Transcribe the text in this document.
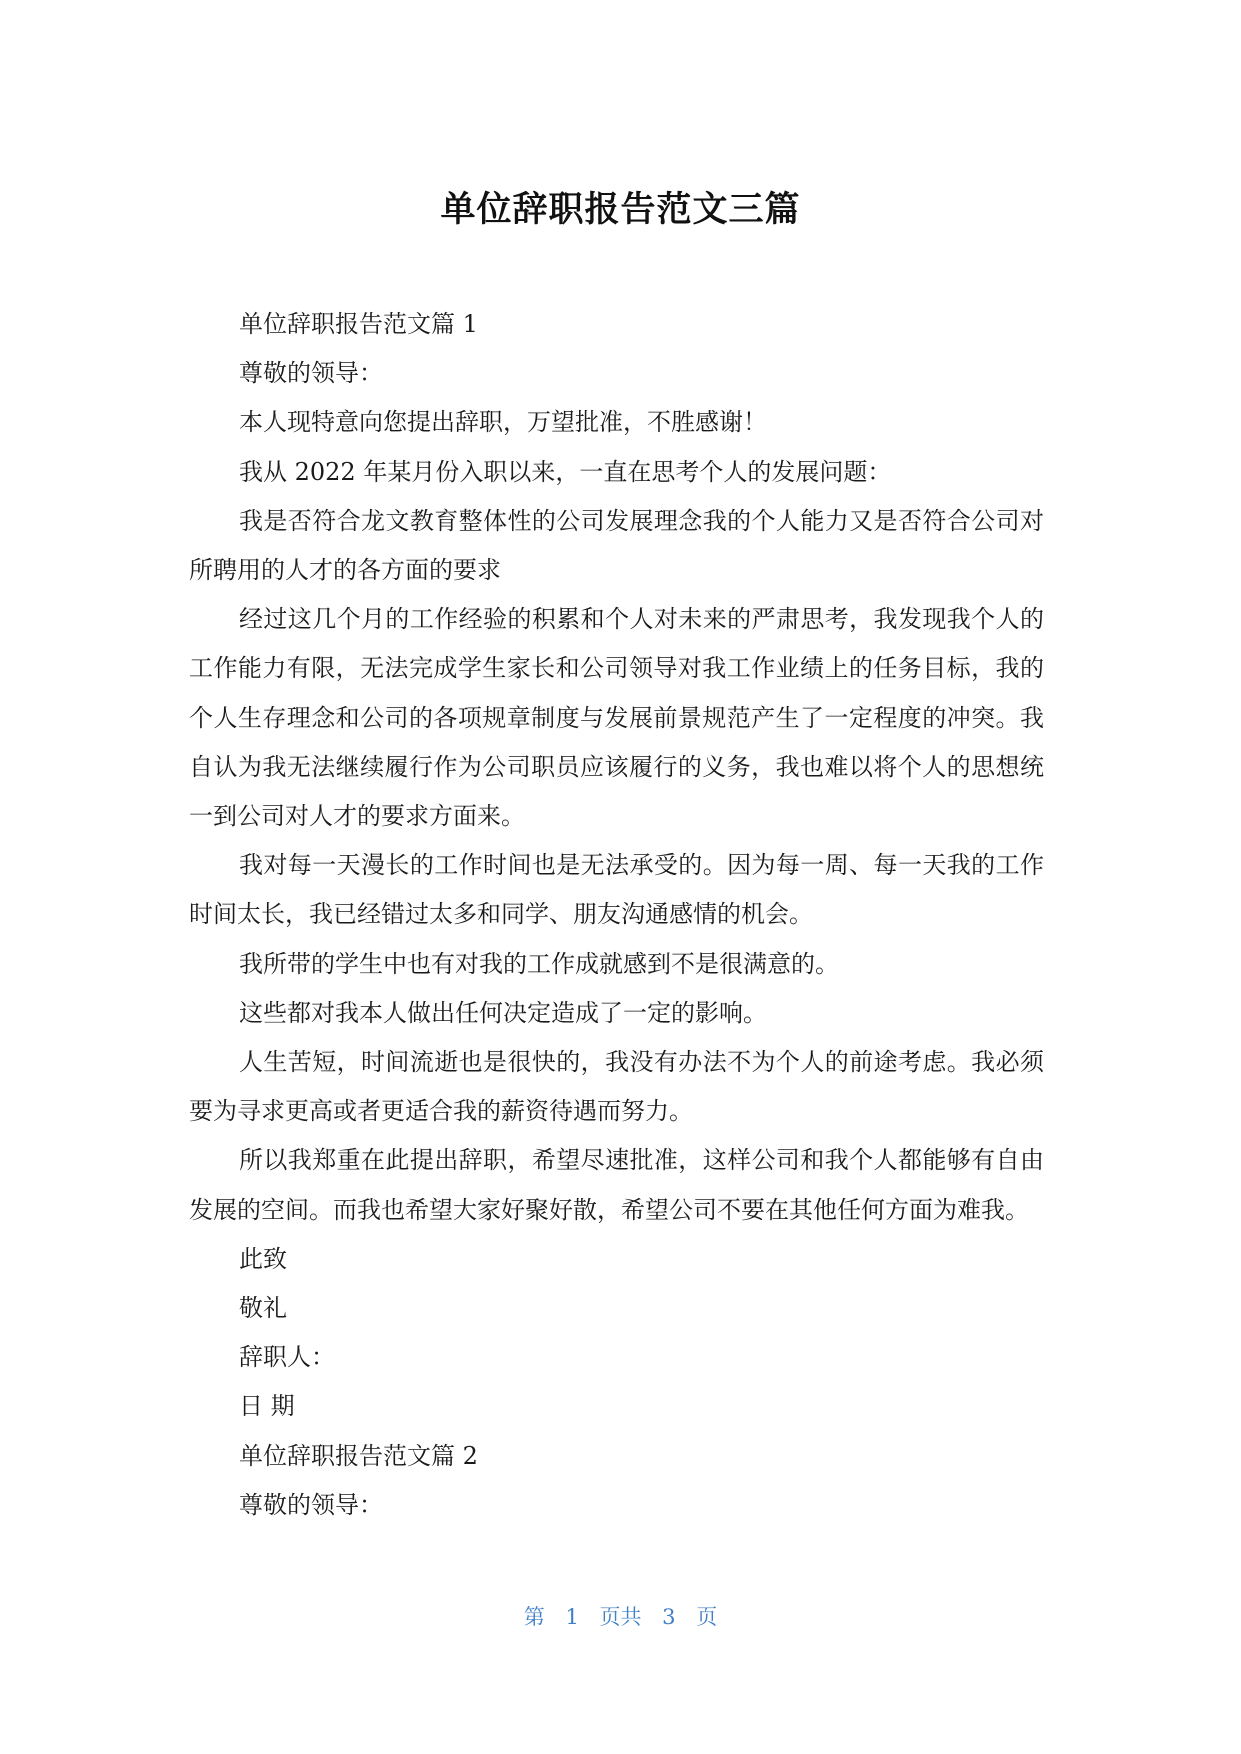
单位辞职报告范文三篇

单位辞职报告范文篇 1

尊敬的领导：

本人现特意向您提出辞职，万望批准，不胜感谢！

我从 2022 年某月份入职以来，一直在思考个人的发展问题：

我是否符合龙文教育整体性的公司发展理念我的个人能力又是否符合公司对所聘用的人才的各方面的要求

经过这几个月的工作经验的积累和个人对未来的严肃思考，我发现我个人的工作能力有限，无法完成学生家长和公司领导对我工作业绩上的任务目标，我的个人生存理念和公司的各项规章制度与发展前景规范产生了一定程度的冲突。我自认为我无法继续履行作为公司职员应该履行的义务，我也难以将个人的思想统一到公司对人才的要求方面来。

我对每一天漫长的工作时间也是无法承受的。因为每一周、每一天我的工作时间太长，我已经错过太多和同学、朋友沟通感情的机会。

我所带的学生中也有对我的工作成就感到不是很满意的。

这些都对我本人做出任何决定造成了一定的影响。

人生苦短，时间流逝也是很快的，我没有办法不为个人的前途考虑。我必须要为寻求更高或者更适合我的薪资待遇而努力。

所以我郑重在此提出辞职，希望尽速批准，这样公司和我个人都能够有自由发展的空间。而我也希望大家好聚好散，希望公司不要在其他任何方面为难我。

此致

敬礼

辞职人：

日 期

单位辞职报告范文篇 2

尊敬的领导：

第 1 页共 3 页
